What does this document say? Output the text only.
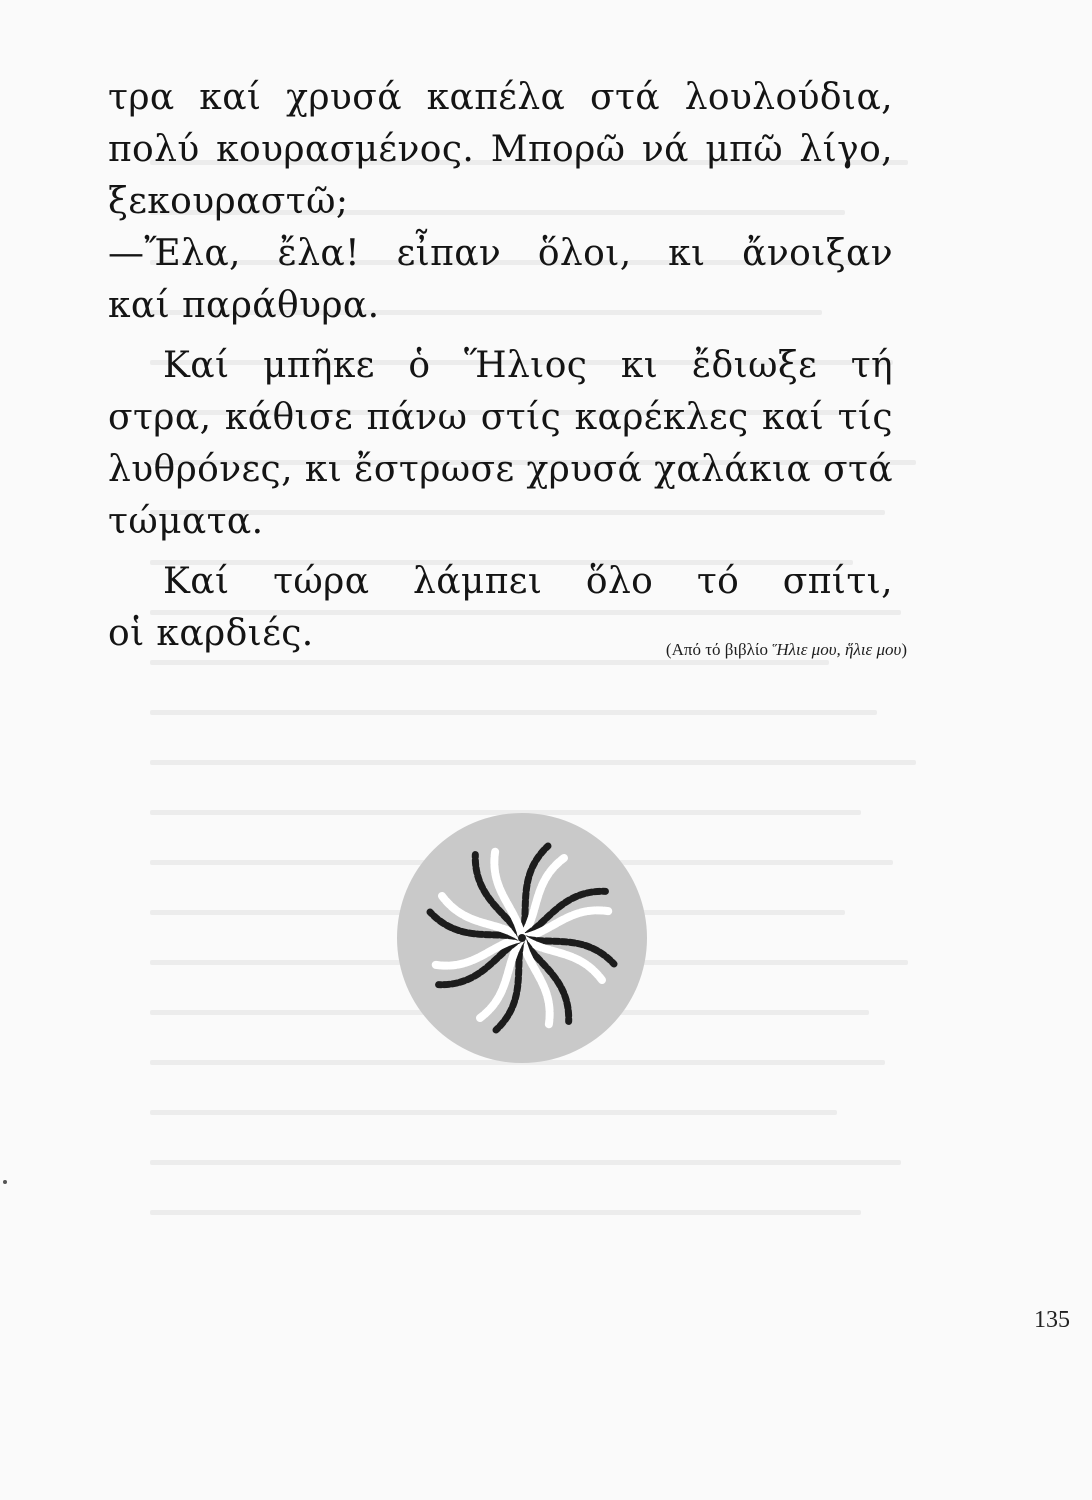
τρα καί χρυσά καπέλα στά λουλούδια,
πολύ κουρασμένος. Μπορῶ νά μπῶ λίγο,
ξεκουραστῶ;
—Ἔλα, ἔλα! εἶπαν ὅλοι, κι ἄνοιξαν
καί παράθυρα.
Καί μπῆκε ὁ Ἥλιος κι ἔδιωξε τή
στρα, κάθισε πάνω στίς καρέκλες καί τίς
λυθρόνες, κι ἔστρωσε χρυσά χαλάκια στά
τώματα.
Καί τώρα λάμπει ὅλο τό σπίτι,
οἱ καρδιές.	(Από τό βιβλίο Ἥλιε μου, ἥλιε μου)
135
